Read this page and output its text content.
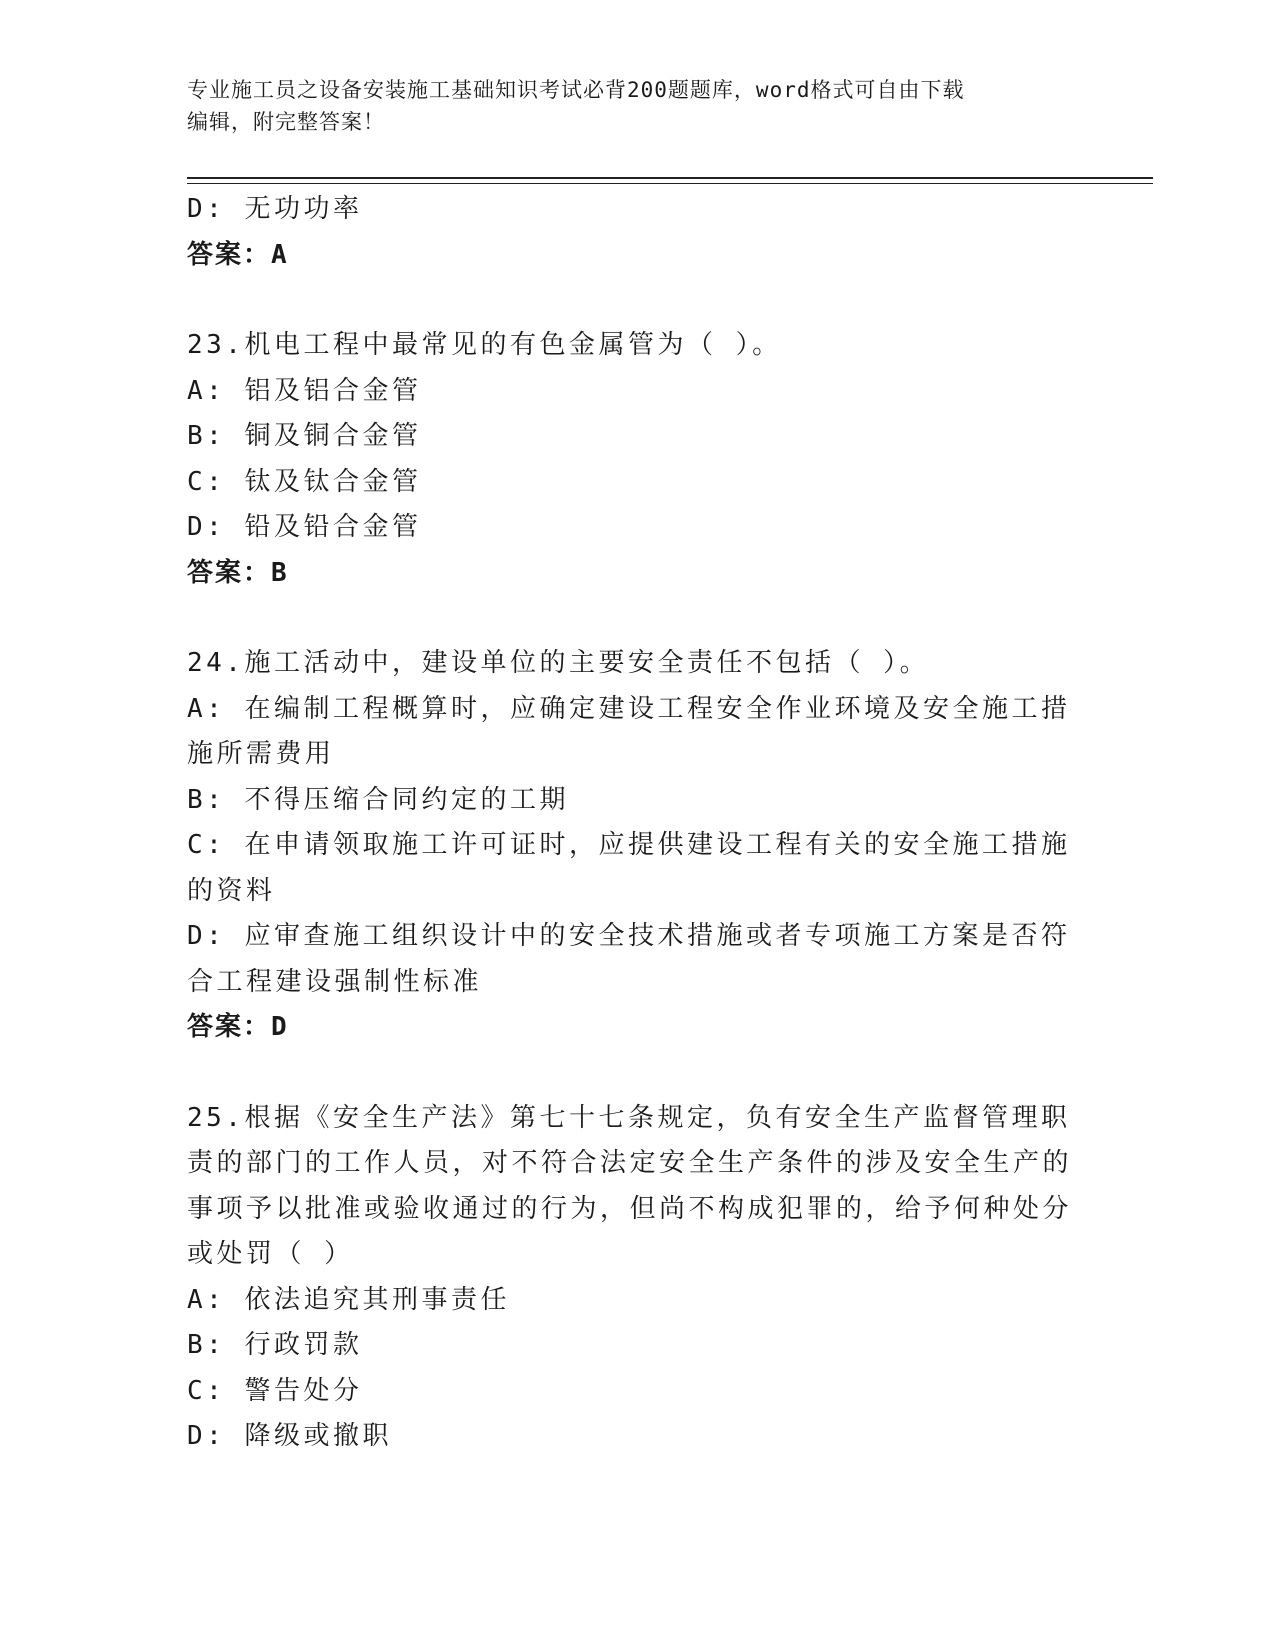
专业施工员之设备安装施工基础知识考试必背200题题库，word格式可自由下载
编辑，附完整答案！
D: 无功功率
答案：A
23.机电工程中最常见的有色金属管为（ ）。
A: 铝及铝合金管
B: 铜及铜合金管
C: 钛及钛合金管
D: 铅及铅合金管
答案：B
24.施工活动中，建设单位的主要安全责任不包括（ ）。
A: 在编制工程概算时，应确定建设工程安全作业环境及安全施工措施所需费用
B: 不得压缩合同约定的工期
C: 在申请领取施工许可证时，应提供建设工程有关的安全施工措施的资料
D: 应审查施工组织设计中的安全技术措施或者专项施工方案是否符合工程建设强制性标准
答案：D
25.根据《安全生产法》第七十七条规定，负有安全生产监督管理职责的部门的工作人员，对不符合法定安全生产条件的涉及安全生产的事项予以批准或验收通过的行为，但尚不构成犯罪的，给予何种处分或处罚（ ）
A: 依法追究其刑事责任
B: 行政罚款
C: 警告处分
D: 降级或撤职
